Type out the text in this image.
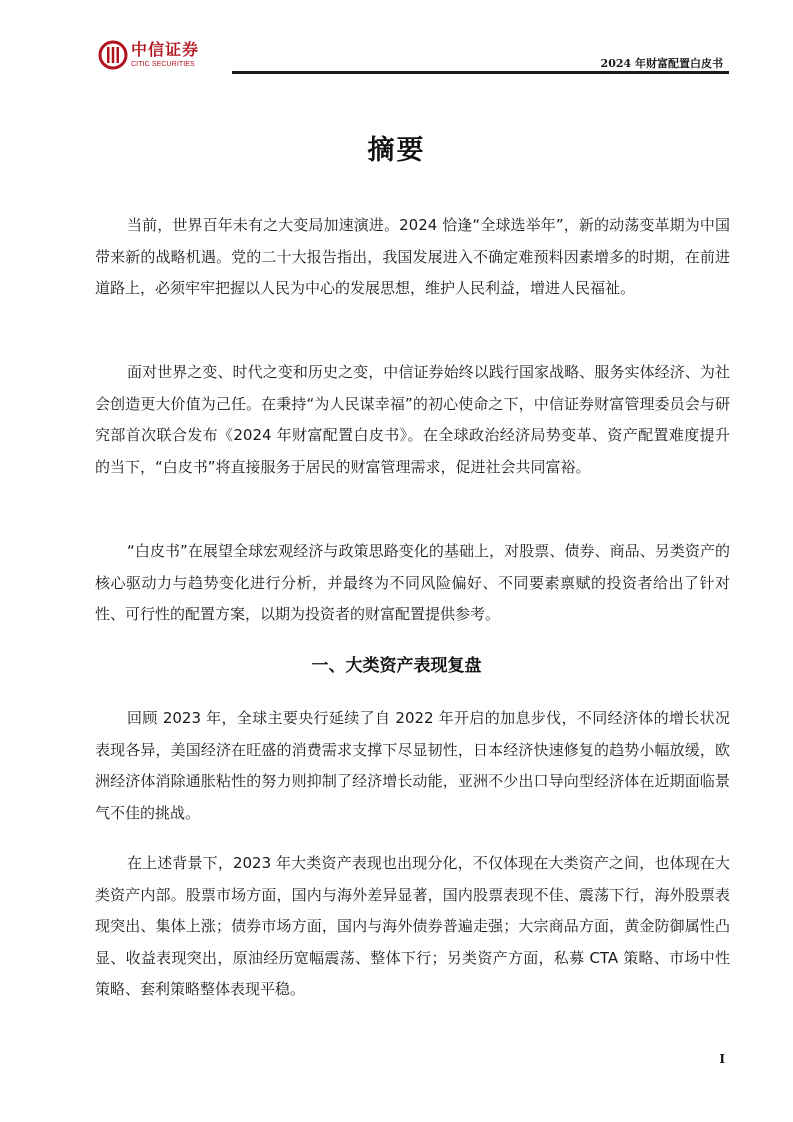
中信证券
CITIC SECURITIES	2024 年财富配置白皮书
摘要

当前，世界百年未有之大变局加速演进。2024 恰逢“全球选举年”，新的动荡变革期为中国带来新的战略机遇。党的二十大报告指出，我国发展进入不确定难预料因素增多的时期，在前进道路上，必须牢牢把握以人民为中心的发展思想，维护人民利益，增进人民福祉。

面对世界之变、时代之变和历史之变，中信证券始终以践行国家战略、服务实体经济、为社会创造更大价值为己任。在秉持“为人民谋幸福”的初心使命之下，中信证券财富管理委员会与研究部首次联合发布《2024 年财富配置白皮书》。在全球政治经济局势变革、资产配置难度提升的当下，“白皮书”将直接服务于居民的财富管理需求，促进社会共同富裕。

“白皮书”在展望全球宏观经济与政策思路变化的基础上，对股票、债券、商品、另类资产的核心驱动力与趋势变化进行分析，并最终为不同风险偏好、不同要素禀赋的投资者给出了针对性、可行性的配置方案，以期为投资者的财富配置提供参考。

一、大类资产表现复盘

回顾 2023 年，全球主要央行延续了自 2022 年开启的加息步伐，不同经济体的增长状况表现各异，美国经济在旺盛的消费需求支撑下尽显韧性，日本经济快速修复的趋势小幅放缓，欧洲经济体消除通胀粘性的努力则抑制了经济增长动能，亚洲不少出口导向型经济体在近期面临景气不佳的挑战。

在上述背景下，2023 年大类资产表现也出现分化，不仅体现在大类资产之间，也体现在大类资产内部。股票市场方面，国内与海外差异显著，国内股票表现不佳、震荡下行，海外股票表现突出、集体上涨；债券市场方面，国内与海外债券普遍走强；大宗商品方面，黄金防御属性凸显、收益表现突出，原油经历宽幅震荡、整体下行；另类资产方面，私募 CTA 策略、市场中性策略、套利策略整体表现平稳。

I
